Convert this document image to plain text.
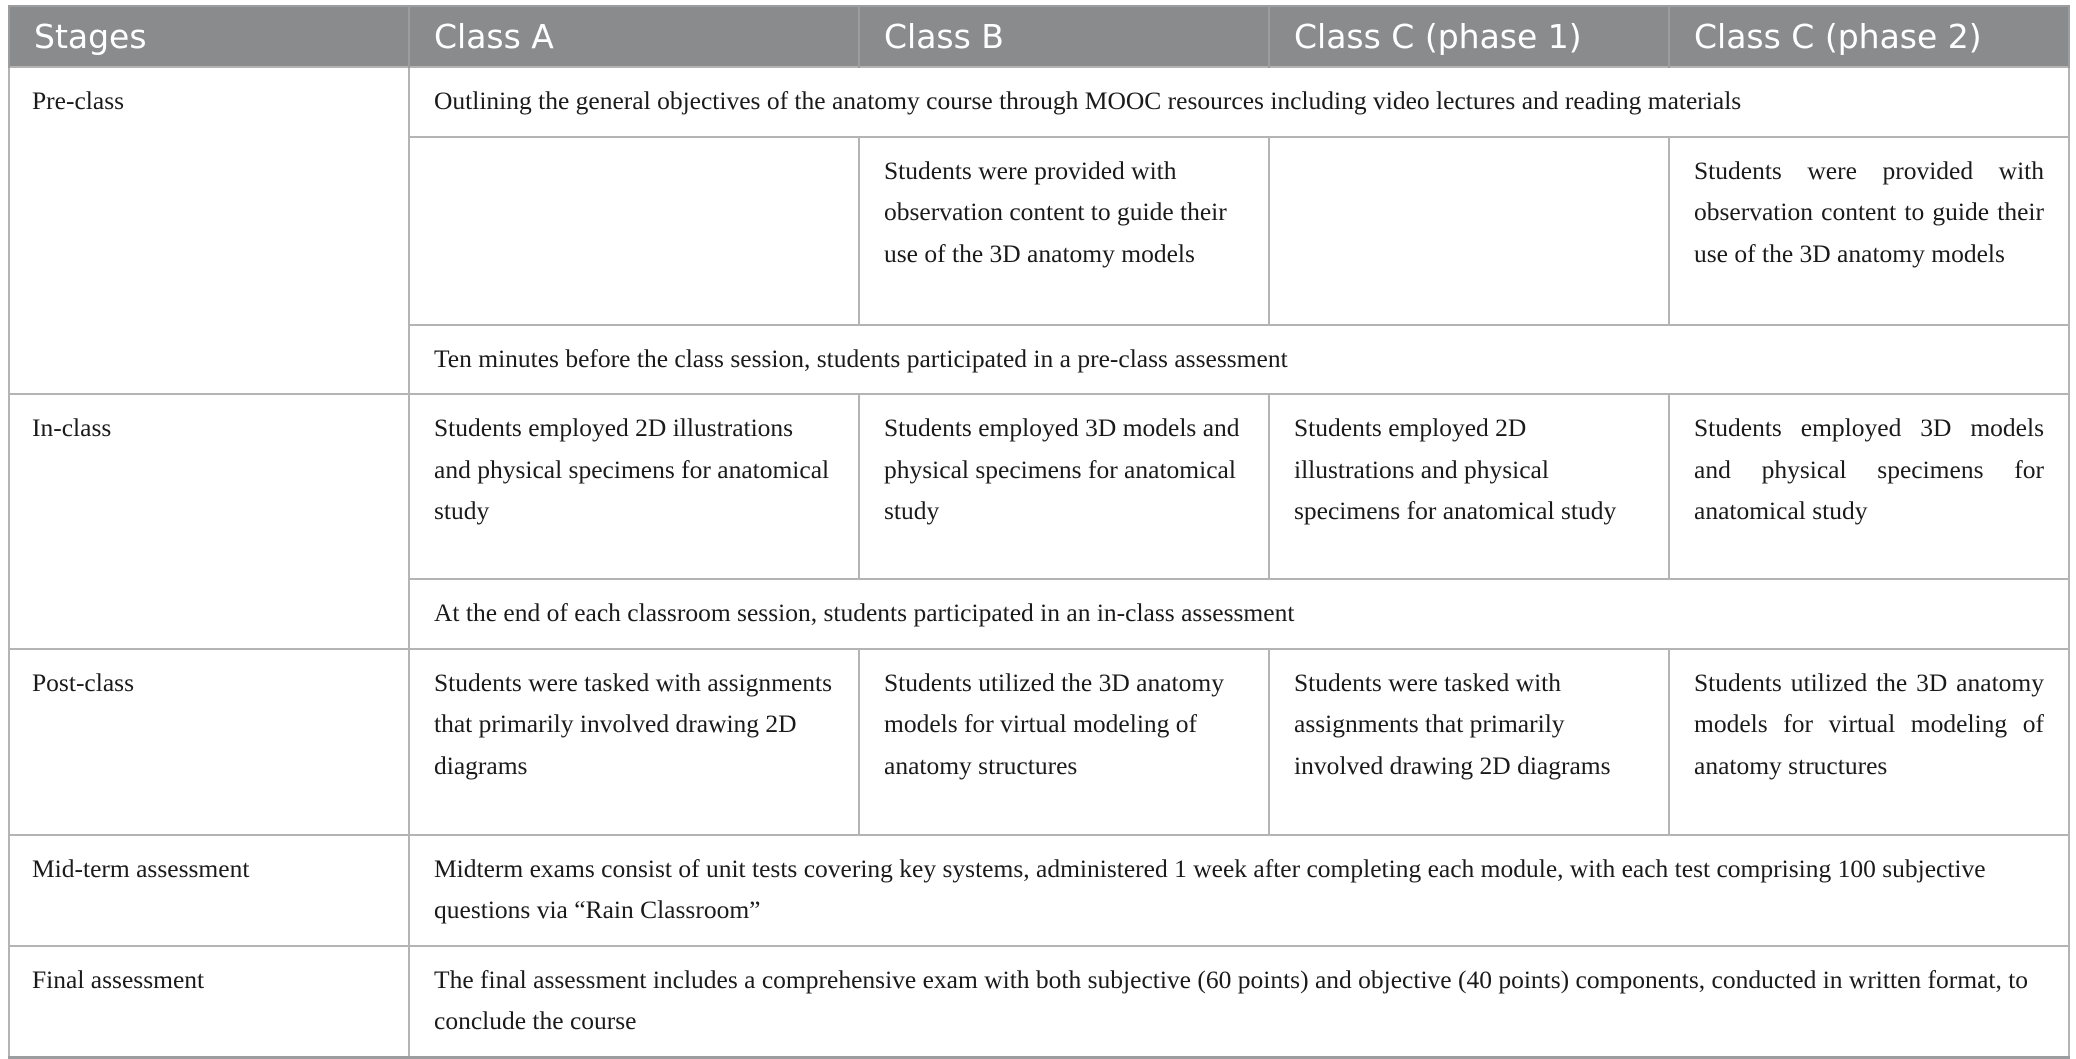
Stages	Class A	Class B	Class C (phase 1)	Class C (phase 2)
Pre-class	Outlining the general objectives of the anatomy course through MOOC resources including video lectures and reading materials			
		Students were provided with observation content to guide their use of the 3D anatomy models		Students were provided with observation content to guide their use of the 3D anatomy models
	Ten minutes before the class session, students participated in a pre-class assessment			
In-class	Students employed 2D illustrations and physical specimens for anatomical study	Students employed 3D models and physical specimens for anatomical study	Students employed 2D illustrations and physical specimens for anatomical study	Students employed 3D models and physical specimens for anatomical study
	At the end of each classroom session, students participated in an in-class assessment			
Post-class	Students were tasked with assignments that primarily involved drawing 2D diagrams	Students utilized the 3D anatomy models for virtual modeling of anatomy structures	Students were tasked with assignments that primarily involved drawing 2D diagrams	Students utilized the 3D anatomy models for virtual modeling of anatomy structures
Mid-term assessment	Midterm exams consist of unit tests covering key systems, administered 1 week after completing each module, with each test comprising 100 subjective questions via “Rain Classroom”			
Final assessment	The final assessment includes a comprehensive exam with both subjective (60 points) and objective (40 points) components, conducted in written format, to conclude the course			
